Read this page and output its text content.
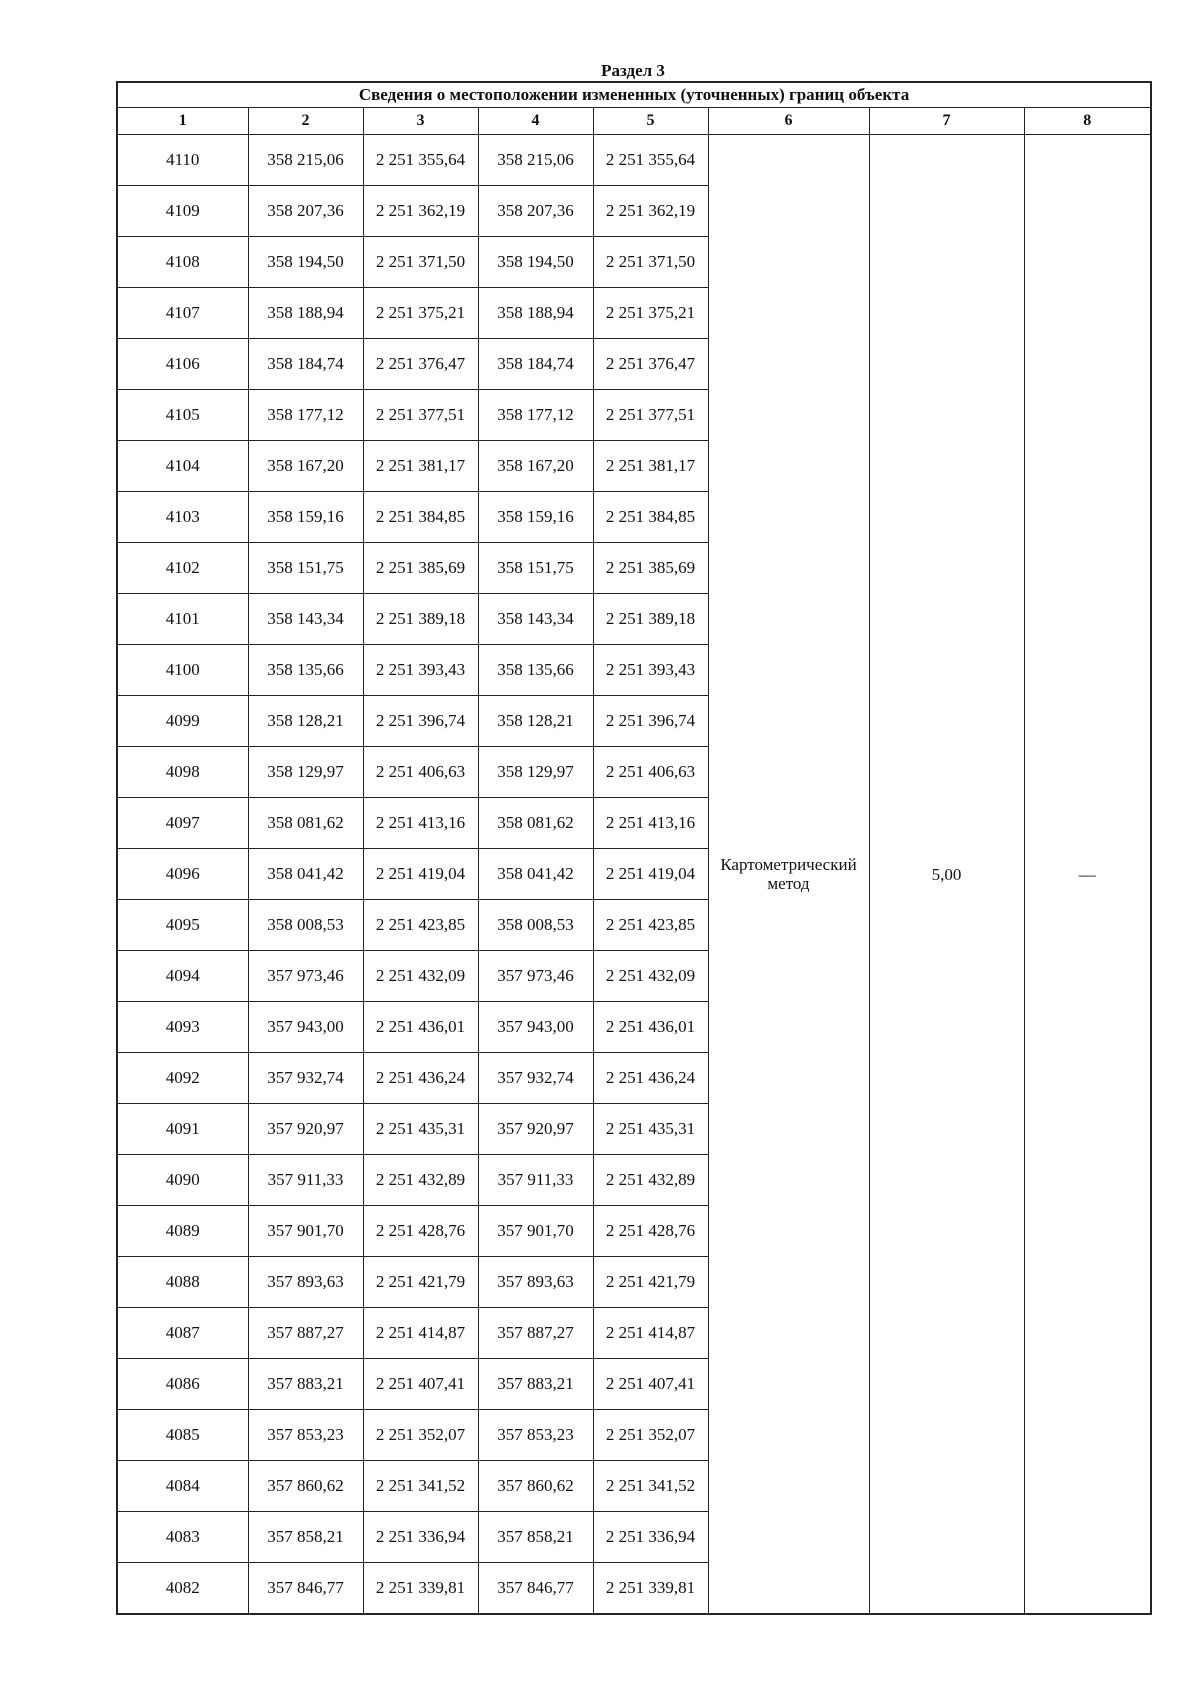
Раздел 3
Сведения о местоположении измененных (уточненных) границ объекта							
1	2	3	4	5	6	7	8
4110	358 215,06	2 251 355,64	358 215,06	2 251 355,64	Картометрический метод	5,00	—
4109	358 207,36	2 251 362,19	358 207,36	2 251 362,19			
4108	358 194,50	2 251 371,50	358 194,50	2 251 371,50			
4107	358 188,94	2 251 375,21	358 188,94	2 251 375,21			
4106	358 184,74	2 251 376,47	358 184,74	2 251 376,47			
4105	358 177,12	2 251 377,51	358 177,12	2 251 377,51			
4104	358 167,20	2 251 381,17	358 167,20	2 251 381,17			
4103	358 159,16	2 251 384,85	358 159,16	2 251 384,85			
4102	358 151,75	2 251 385,69	358 151,75	2 251 385,69			
4101	358 143,34	2 251 389,18	358 143,34	2 251 389,18			
4100	358 135,66	2 251 393,43	358 135,66	2 251 393,43			
4099	358 128,21	2 251 396,74	358 128,21	2 251 396,74			
4098	358 129,97	2 251 406,63	358 129,97	2 251 406,63			
4097	358 081,62	2 251 413,16	358 081,62	2 251 413,16			
4096	358 041,42	2 251 419,04	358 041,42	2 251 419,04			
4095	358 008,53	2 251 423,85	358 008,53	2 251 423,85			
4094	357 973,46	2 251 432,09	357 973,46	2 251 432,09			
4093	357 943,00	2 251 436,01	357 943,00	2 251 436,01			
4092	357 932,74	2 251 436,24	357 932,74	2 251 436,24			
4091	357 920,97	2 251 435,31	357 920,97	2 251 435,31			
4090	357 911,33	2 251 432,89	357 911,33	2 251 432,89			
4089	357 901,70	2 251 428,76	357 901,70	2 251 428,76			
4088	357 893,63	2 251 421,79	357 893,63	2 251 421,79			
4087	357 887,27	2 251 414,87	357 887,27	2 251 414,87			
4086	357 883,21	2 251 407,41	357 883,21	2 251 407,41			
4085	357 853,23	2 251 352,07	357 853,23	2 251 352,07			
4084	357 860,62	2 251 341,52	357 860,62	2 251 341,52			
4083	357 858,21	2 251 336,94	357 858,21	2 251 336,94			
4082	357 846,77	2 251 339,81	357 846,77	2 251 339,81			
